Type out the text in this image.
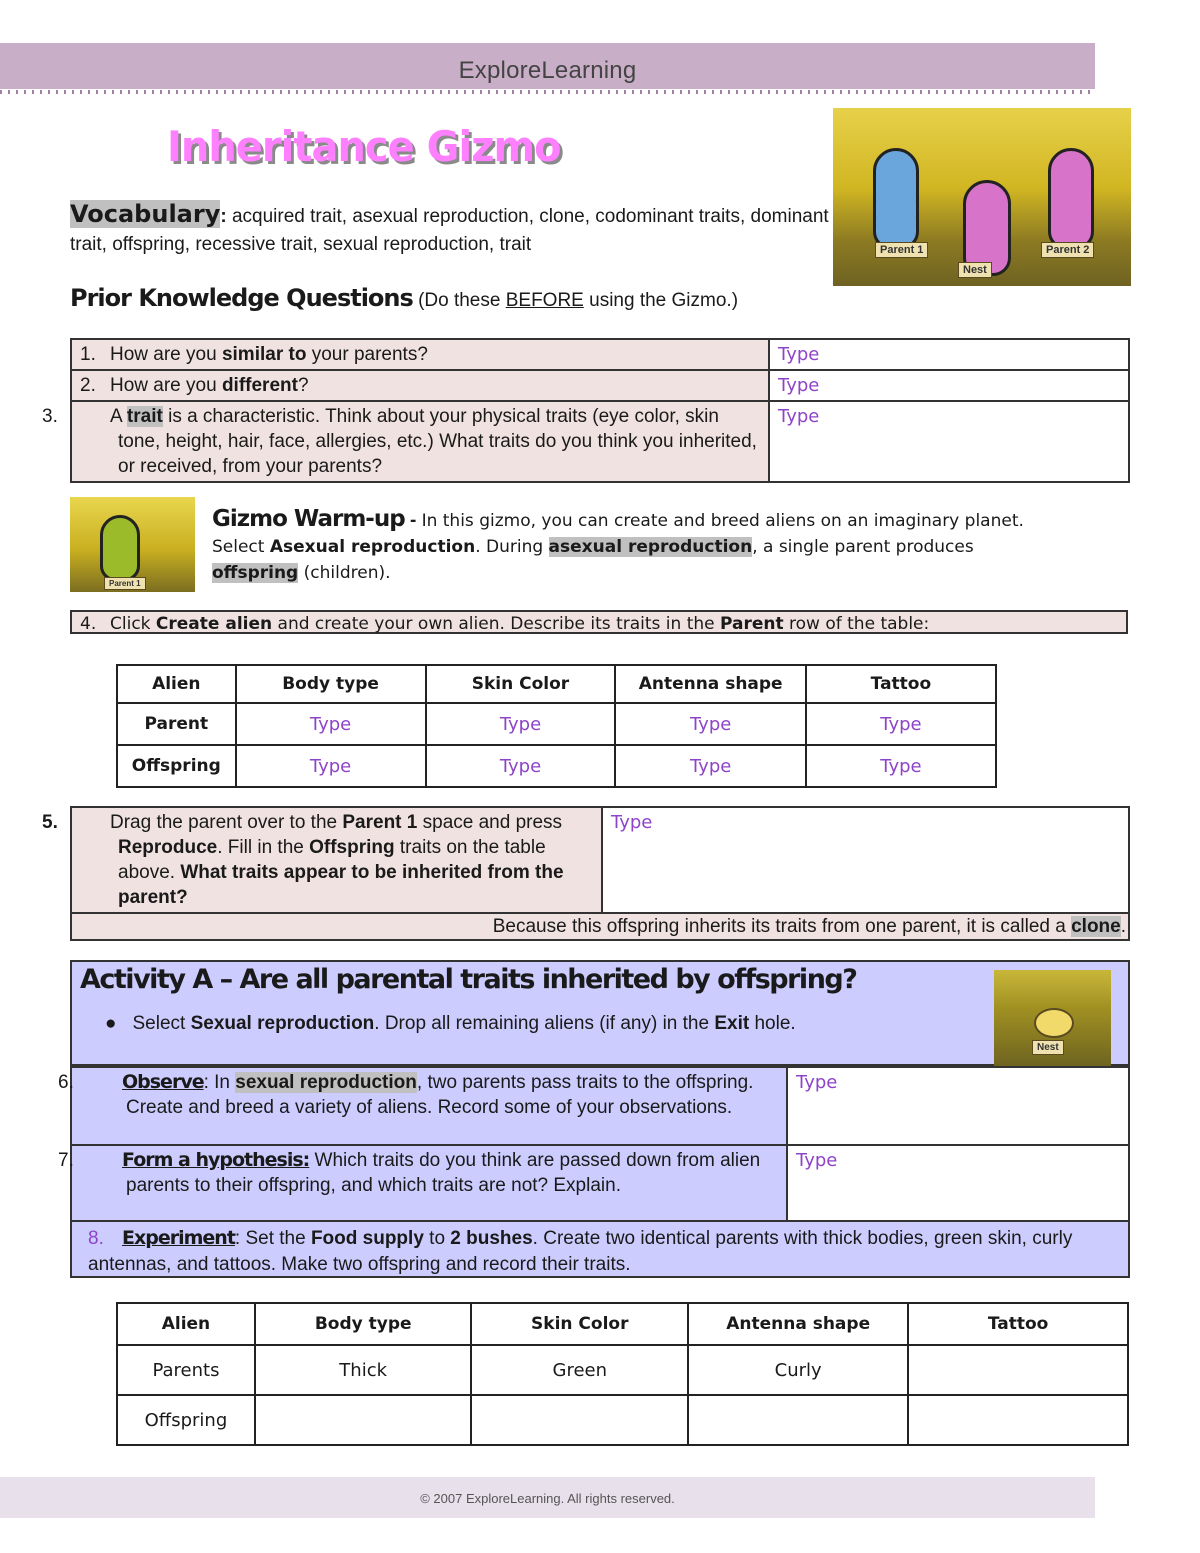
ExploreLearning
Inheritance Gizmo
Parent 1
Nest
Parent 2
Vocabulary: acquired trait, asexual reproduction, clone, codominant traits, dominant trait, offspring, recessive trait, sexual reproduction, trait
Prior Knowledge Questions (Do these BEFORE using the Gizmo.)
1. How are you similar to your parents?	Type
2. How are you different?	Type

3. A trait is a characteristic. Think about your physical traits (eye color, skin tone, height, hair, face, allergies, etc.) What traits do you think you inherited, or received, from your parents?	Type
Parent 1
Gizmo Warm-up - In this gizmo, you can create and breed aliens on an imaginary planet.
Select Asexual reproduction. During asexual reproduction, a single parent produces
offspring (children).
4. Click Create alien and create your own alien. Describe its traits in the Parent row of the table:
Alien	Body type	Skin Color	Antenna shape	Tattoo
Parent	Type	Type	Type	Type
Offspring	Type	Type	Type	Type
5.	Drag the parent over to the Parent 1 space and press Reproduce. Fill in the Offspring traits on the table above. What traits appear to be inherited from the parent?
	Type
Because this offspring inherits its traits from one parent, it is called a clone.
Activity A – Are all parental traits inherited by offspring?
● Select Sexual reproduction. Drop all remaining aliens (if any) in the Exit hole.
Nest
6. Observe: In sexual reproduction, two parents pass traits to the offspring. Create and breed a variety of aliens. Record some of your observations.	Type

7. Form a hypothesis: Which traits do you think are passed down from alien parents to their offspring, and which traits are not? Explain.	Type
8. Experiment: Set the Food supply to 2 bushes. Create two identical parents with thick bodies, green skin, curly antennas, and tattoos. Make two offspring and record their traits.
Alien	Body type	Skin Color	Antenna shape	Tattoo
Parents	Thick	Green	Curly	
Offspring				
© 2007 ExploreLearning. All rights reserved.
